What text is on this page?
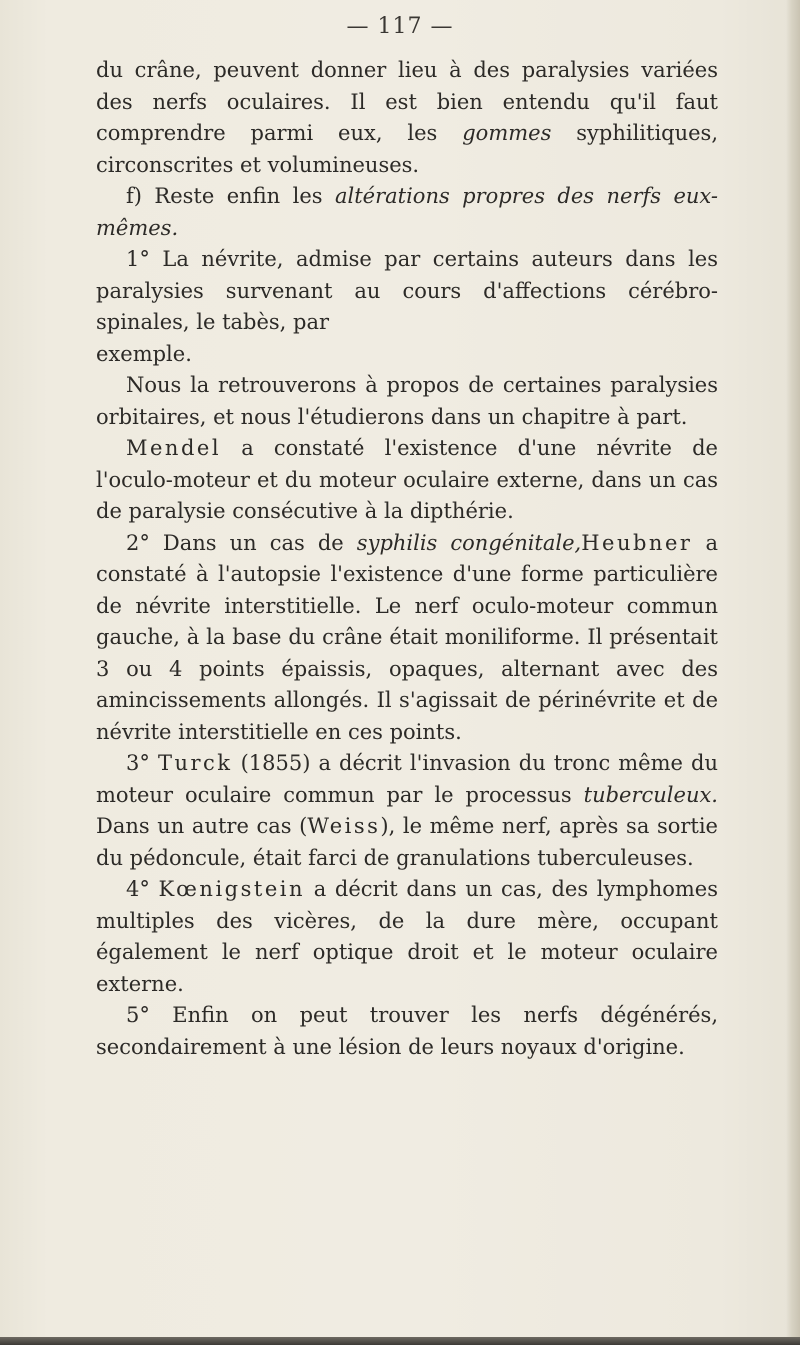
— 117 —

du crâne, peuvent donner lieu à des paralysies variées des nerfs oculaires. Il est bien entendu qu'il faut comprendre parmi eux, les gommes syphilitiques, circonscrites et volumineuses.

f) Reste enfin les altérations propres des nerfs eux-mêmes.

1° La névrite, admise par certains auteurs dans les paralysies survenant au cours d'affections cérébro-spinales, le tabès, par

exemple.

Nous la retrouverons à propos de certaines paralysies orbitaires, et nous l'étudierons dans un chapitre à part.

Mendel a constaté l'existence d'une névrite de l'oculo-moteur et du moteur oculaire externe, dans un cas de paralysie consécutive à la dipthérie.

2° Dans un cas de syphilis congénitale,Heubner a constaté à l'autopsie l'existence d'une forme particulière de névrite interstitielle. Le nerf oculo-moteur commun gauche, à la base du crâne était moniliforme. Il présentait 3 ou 4 points épaissis, opaques, alternant avec des amincissements allongés. Il s'agissait de périnévrite et de névrite interstitielle en ces points.

3° Turck (1855) a décrit l'invasion du tronc même du moteur oculaire commun par le processus tuberculeux. Dans un autre cas (Weiss), le même nerf, après sa sortie du pédoncule, était farci de granulations tuberculeuses.

4° Kœnigstein a décrit dans un cas, des lymphomes multiples des vicères, de la dure mère, occupant également le nerf optique droit et le moteur oculaire externe.

5° Enfin on peut trouver les nerfs dégénérés, secondairement à une lésion de leurs noyaux d'origine.
